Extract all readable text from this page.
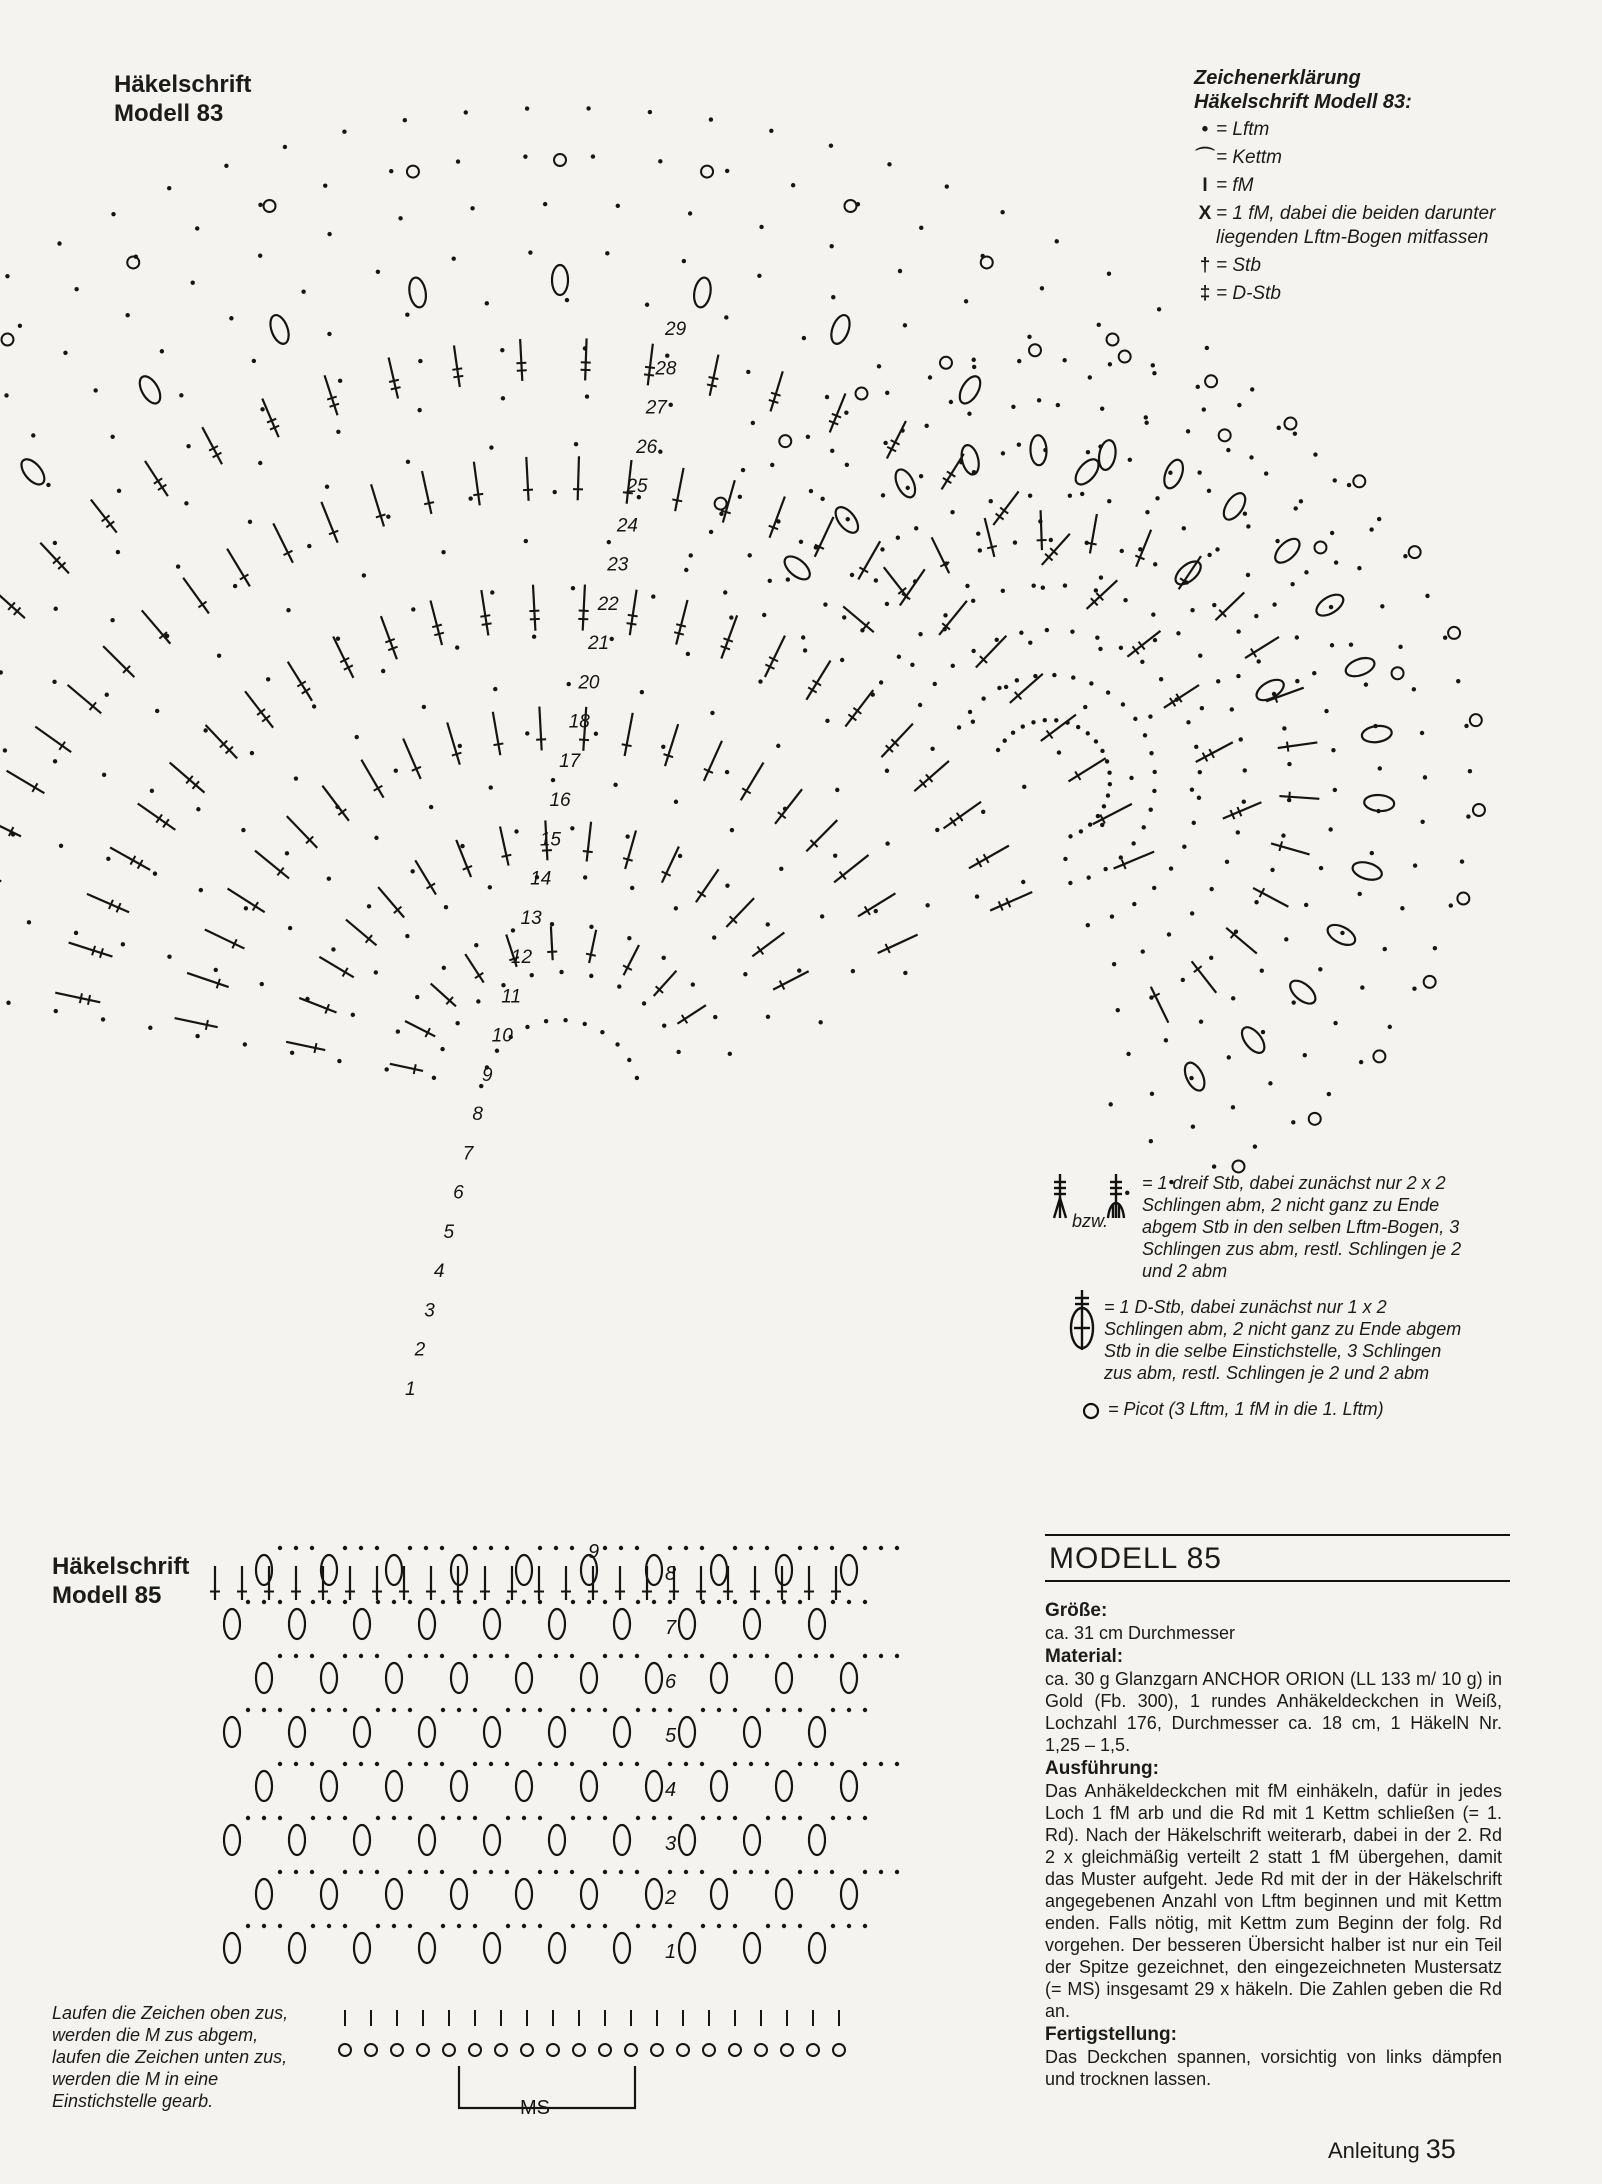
Häkelschrift
Modell 83
1
2
3
4
5
6
7
8
9
10
11
12
13
14
15
16
17
18
20
21
22
23
24
25
26
27
28
29
1
2
3
4
5
6
7
8
9
MS
Zeichenerklärung
Häkelschrift Modell 83:
• = Lftm
⌒ = Kettm
I = fM
X = 1 fM, dabei die beiden darunter liegenden Lftm-Bogen mitfassen
† = Stb
‡ = D-Stb
bzw.
= 1 dreif Stb, dabei zunächst nur 2 x 2 Schlingen abm, 2 nicht ganz zu Ende abgem Stb in den selben Lftm-Bogen, 3 Schlingen zus abm, restl. Schlingen je 2 und 2 abm
= 1 D-Stb, dabei zunächst nur 1 x 2 Schlingen abm, 2 nicht ganz zu Ende abgem Stb in die selbe Einstichstelle, 3 Schlingen zus abm, restl. Schlingen je 2 und 2 abm
= Picot (3 Lftm, 1 fM in die 1. Lftm)
Häkelschrift
Modell 85
MODELL 85
Größe:

ca. 31 cm Durchmesser

Material:

ca. 30 g Glanzgarn ANCHOR ORION (LL 133 m/ 10 g) in Gold (Fb. 300), 1 rundes Anhäkeldeckchen in Weiß, Lochzahl 176, Durchmesser ca. 18 cm, 1 HäkelN Nr. 1,25 – 1,5.

Ausführung:

Das Anhäkeldeckchen mit fM einhäkeln, dafür in jedes Loch 1 fM arb und die Rd mit 1 Kettm schließen (= 1. Rd). Nach der Häkelschrift weiterarb, dabei in der 2. Rd 2 x gleichmäßig verteilt 2 statt 1 fM übergehen, damit das Muster aufgeht. Jede Rd mit der in der Häkelschrift angegebenen Anzahl von Lftm beginnen und mit Kettm enden. Falls nötig, mit Kettm zum Beginn der folg. Rd vorgehen. Der besseren Übersicht halber ist nur ein Teil der Spitze gezeichnet, den eingezeichneten Mustersatz (= MS) insgesamt 29 x häkeln. Die Zahlen geben die Rd an.

Fertigstellung:

Das Deckchen spannen, vorsichtig von links dämpfen und trocknen lassen.

Laufen die Zeichen oben zus, werden die M zus abgem, laufen die Zeichen unten zus, werden die M in eine Einstichstelle gearb.
Anleitung 35
